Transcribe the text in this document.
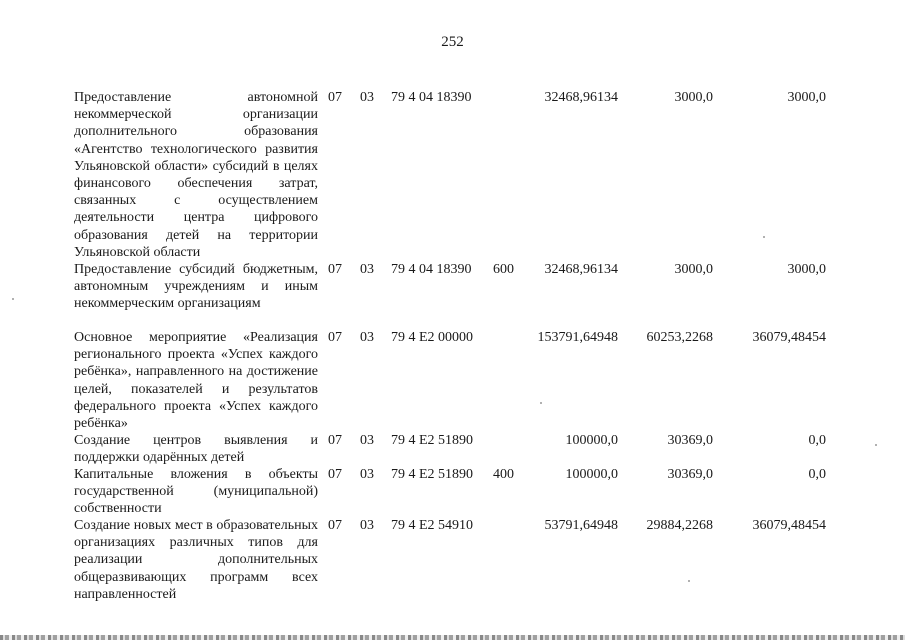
252
Предоставление автономной некоммерческой организации дополнительного образования «Агентство технологического развития Ульяновской области» субсидий в целях финансового обеспечения затрат, связанных с осуществлением деятельности центра цифрового образования детей на территории Ульяновской области
07 03 79 4 04 18390	32468,96134	3000,0	3000,0
Предоставление субсидий бюджетным, автономным учреждениям и иным некоммерческим организациям
07 03 79 4 04 18390 600	32468,96134	3000,0	3000,0
Основное мероприятие «Реализация регионального проекта «Успех каждого ребёнка», направленного на достижение целей, показателей и результатов федерального проекта «Успех каждого ребёнка»
07 03 79 4 E2 00000	153791,64948	60253,2268	36079,48454
Создание центров выявления и поддержки одарённых детей
07 03 79 4 E2 51890	100000,0	30369,0	0,0
Капитальные вложения в объекты государственной (муниципальной) собственности
07 03 79 4 E2 51890 400	100000,0	30369,0	0,0
Создание новых мест в образовательных организациях различных типов для реализации дополнительных общеразвивающих программ всех направленностей
07 03 79 4 E2 54910	53791,64948	29884,2268	36079,48454
